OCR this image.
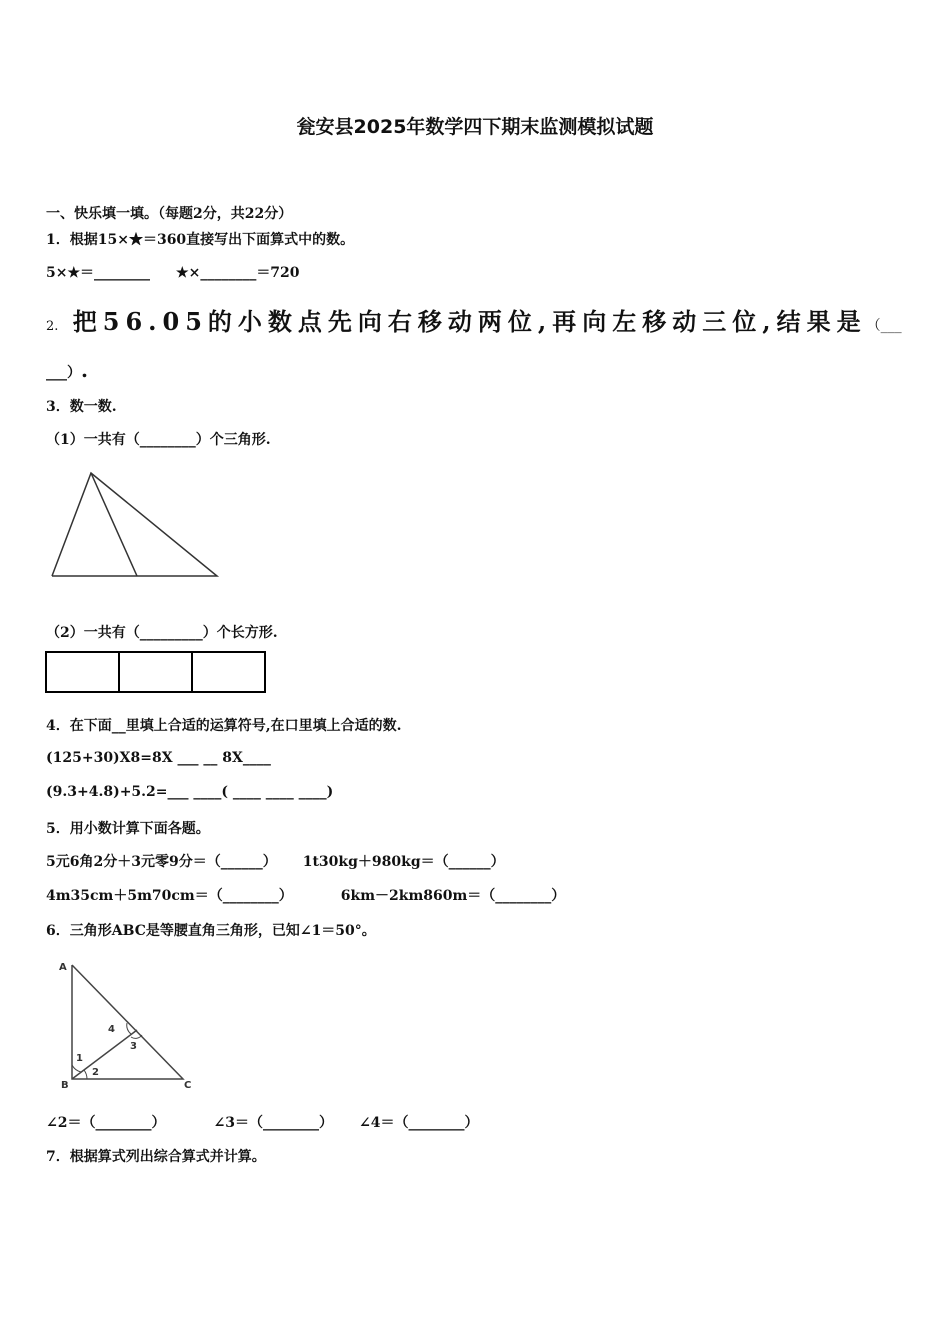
瓮安县2025年数学四下期末监测模拟试题
一、快乐填一填。（每题2分，共22分）
1．根据15×★＝360直接写出下面算式中的数。
5×★＝________ ★×________＝720
2. 把56.05的小数点先向右移动两位,再向左移动三位,结果是（___
___）.
3．数一数.
（1）一共有（________）个三角形.
（2）一共有（_________）个长方形.
4．在下面__里填上合适的运算符号,在口里填上合适的数.
(125+30)X8=8X ___ __ 8X____
(9.3+4.8)+5.2=___ ____( ____ ____ ____)
5．用小数计算下面各题。
5元6角2分＋3元零9分＝（______） 1t30kg＋980kg＝（______）
4m35cm＋5m70cm＝（________）	6km－2km860m＝（________）
6．三角形ABC是等腰直角三角形，已知∠1＝50°。
A
B	C
1
2
3
4
∠2＝（________）	∠3＝（________） ∠4＝（________）
7．根据算式列出综合算式并计算。
